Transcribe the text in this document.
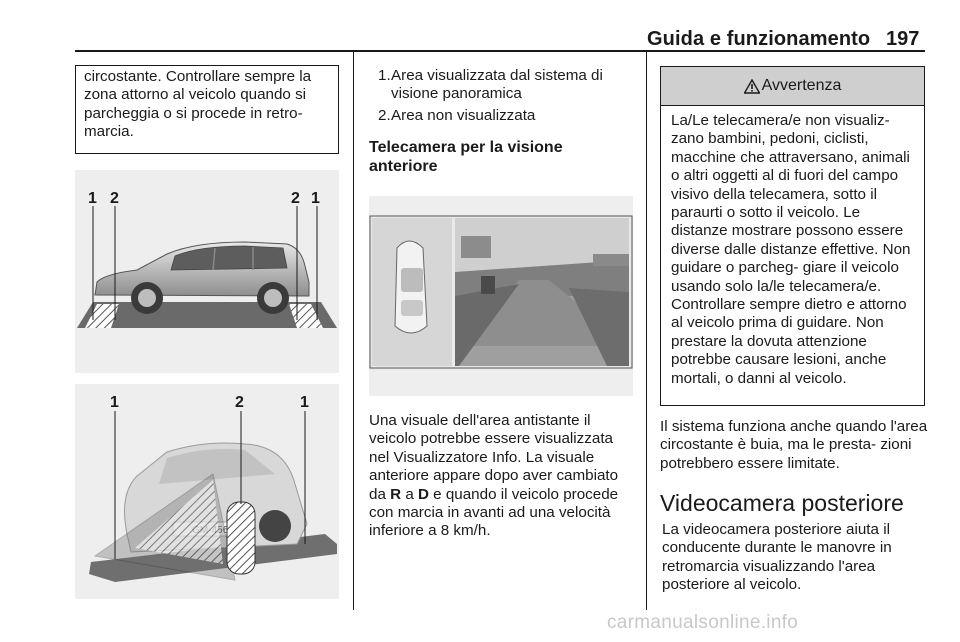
Guida e funzionamento 197
circostante. Controllare sempre la zona attorno al veicolo quando si parcheggia o si procede in retro- marcia.
1 2	2 1
1	2	1
1. Area visualizzata dal sistema di visione panoramica
2. Area non visualizzata
Telecamera per la visione anteriore
Una visuale dell'area antistante il veicolo potrebbe essere visualizzata nel Visualizzatore Info. La visuale anteriore appare dopo aver cambiato da R a D e quando il veicolo procede con marcia in avanti ad una velocità inferiore a 8 km/h.
Avvertenza
La/Le telecamera/e non visualiz- zano bambini, pedoni, ciclisti, macchine che attraversano, animali o altri oggetti al di fuori del campo visivo della telecamera, sotto il paraurti o sotto il veicolo. Le distanze mostrare possono essere diverse dalle distanze effettive. Non guidare o parcheg- giare il veicolo usando solo la/le telecamera/e. Controllare sempre dietro e attorno al veicolo prima di guidare. Non prestare la dovuta attenzione potrebbe causare lesioni, anche mortali, o danni al veicolo.
Il sistema funziona anche quando l'area circostante è buia, ma le presta- zioni potrebbero essere limitate.
Videocamera posteriore
La videocamera posteriore aiuta il conducente durante le manovre in retromarcia visualizzando l'area posteriore al veicolo.
carmanualsonline.info
